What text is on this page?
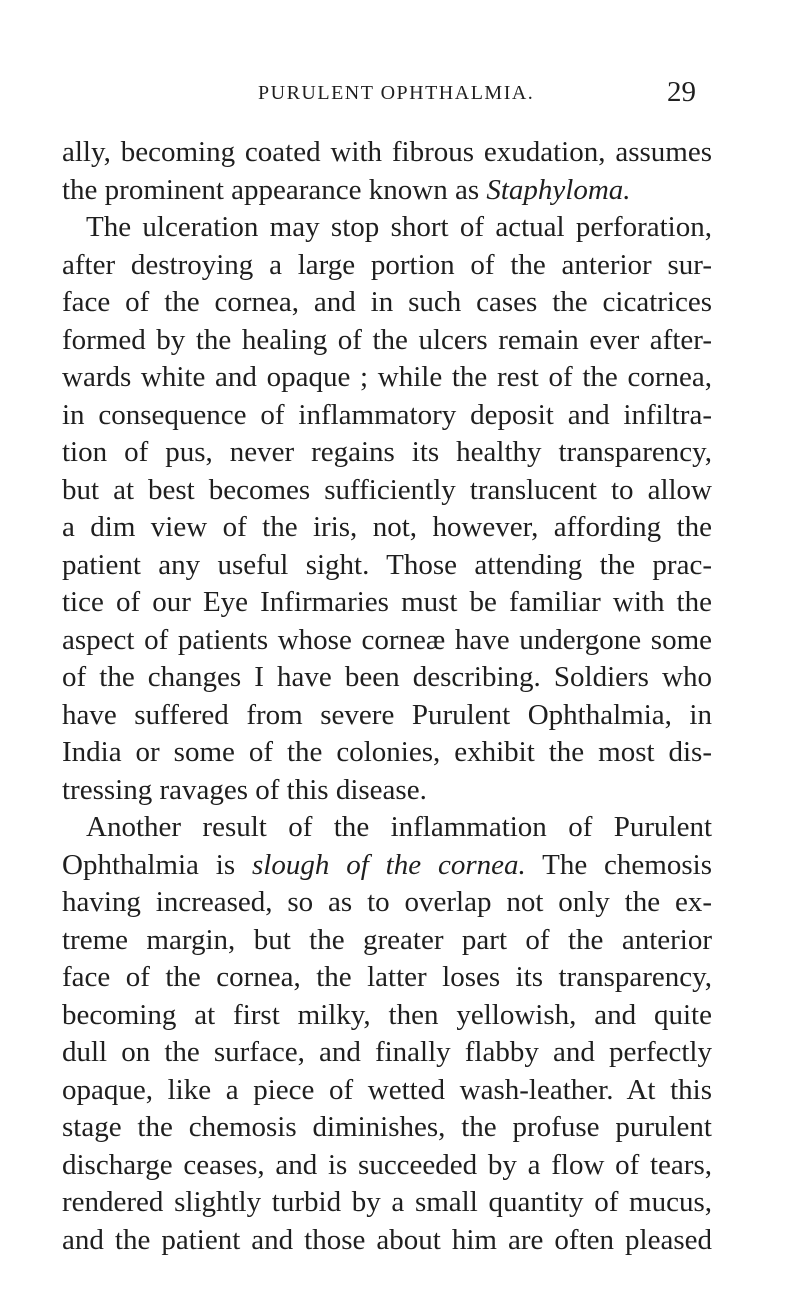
PURULENT OPHTHALMIA.	29
ally, becoming coated with fibrous exudation, assumes
the prominent appearance known as Staphyloma.
The ulceration may stop short of actual perforation,
after destroying a large portion of the anterior sur-
face of the cornea, and in such cases the cicatrices
formed by the healing of the ulcers remain ever after-
wards white and opaque ; while the rest of the cornea,
in consequence of inflammatory deposit and infiltra-
tion of pus, never regains its healthy transparency,
but at best becomes sufficiently translucent to allow
a dim view of the iris, not, however, affording the
patient any useful sight. Those attending the prac-
tice of our Eye Infirmaries must be familiar with the
aspect of patients whose corneæ have undergone some
of the changes I have been describing. Soldiers who
have suffered from severe Purulent Ophthalmia, in
India or some of the colonies, exhibit the most dis-
tressing ravages of this disease.
Another result of the inflammation of Purulent
Ophthalmia is slough of the cornea. The chemosis
having increased, so as to overlap not only the ex-
treme margin, but the greater part of the anterior
face of the cornea, the latter loses its transparency,
becoming at first milky, then yellowish, and quite
dull on the surface, and finally flabby and perfectly
opaque, like a piece of wetted wash-leather. At this
stage the chemosis diminishes, the profuse purulent
discharge ceases, and is succeeded by a flow of tears,
rendered slightly turbid by a small quantity of mucus,
and the patient and those about him are often pleased
